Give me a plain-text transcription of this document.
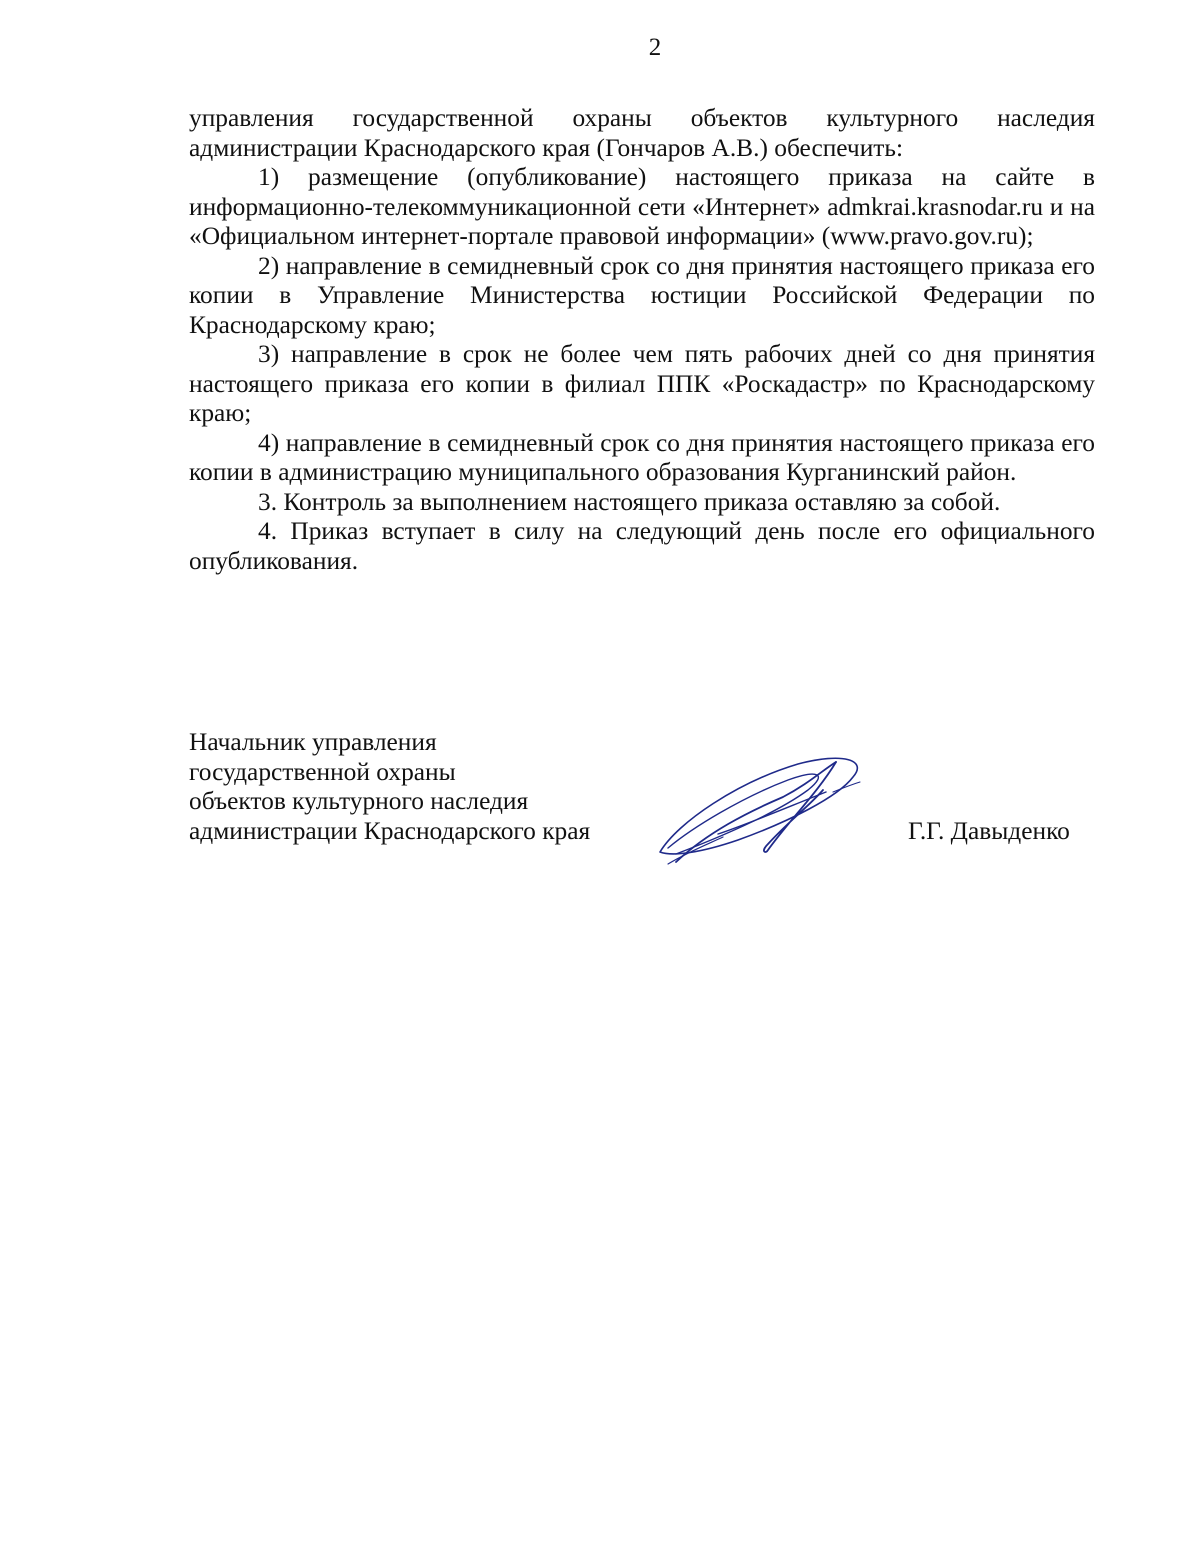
2

управления государственной охраны объектов культурного наследия администрации Краснодарского края (Гончаров А.В.) обеспечить:

1) размещение (опубликование) настоящего приказа на сайте в информационно-телекоммуникационной сети «Интернет» admkrai.krasnodar.ru и на «Официальном интернет-портале правовой информации» (www.pravo.gov.ru);

2) направление в семидневный срок со дня принятия настоящего приказа его копии в Управление Министерства юстиции Российской Федерации по Краснодарскому краю;

3) направление в срок не более чем пять рабочих дней со дня принятия настоящего приказа его копии в филиал ППК «Роскадастр» по Краснодарскому краю;

4) направление в семидневный срок со дня принятия настоящего приказа его копии в администрацию муниципального образования Курганинский район.

3. Контроль за выполнением настоящего приказа оставляю за собой.

4. Приказ вступает в силу на следующий день после его официального опубликования.

Начальник управления
государственной охраны
объектов культурного наследия
администрации Краснодарского края	Г.Г. Давыденко
